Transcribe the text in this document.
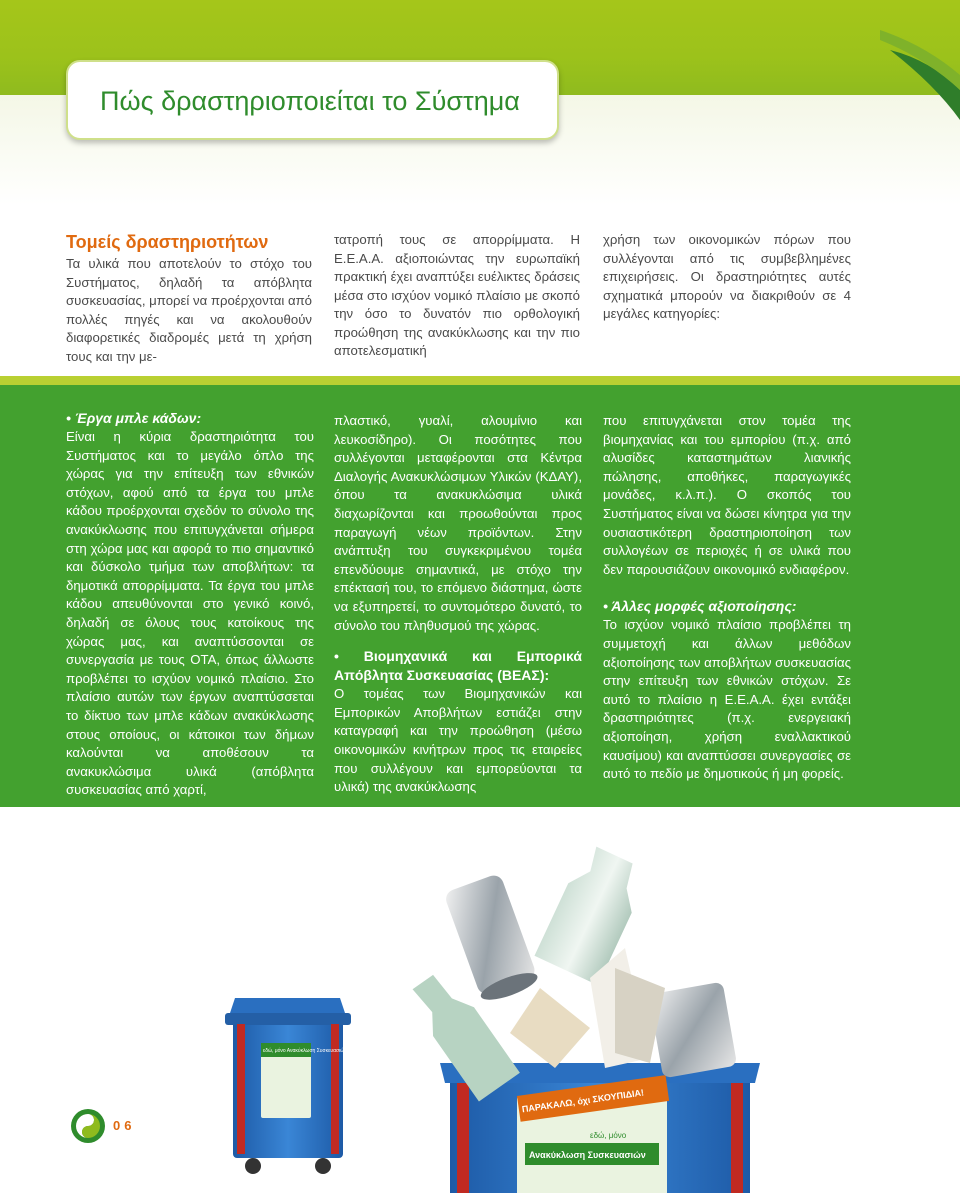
Πώς δραστηριοποιείται το Σύστημα
Τομείς δραστηριοτήτων

Τα υλικά που αποτελούν το στόχο του Συστήματος, δηλαδή τα απόβλητα συσκευασίας, μπορεί να προέρχονται από πολλές πηγές και να ακολουθούν διαφορετικές διαδρομές μετά τη χρήση τους και την με-

τατροπή τους σε απορρίμματα. Η Ε.Ε.Α.Α. αξιοποιώντας την ευρωπαϊκή πρακτική έχει αναπτύξει ευέλικτες δράσεις μέσα στο ισχύον νομικό πλαίσιο με σκοπό την όσο το δυνατόν πιο ορθολογική προώθηση της ανακύκλωσης και την πιο αποτελεσματική

χρήση των οικονομικών πόρων που συλλέγονται από τις συμβεβλημένες επιχειρήσεις. Οι δραστηριότητες αυτές σχηματικά μπορούν να διακριθούν σε 4 μεγάλες κατηγορίες:

• Έργα μπλε κάδων:

Είναι η κύρια δραστηριότητα του Συστήματος και το μεγάλο όπλο της χώρας για την επίτευξη των εθνικών στόχων, αφού από τα έργα του μπλε κάδου προέρχονται σχεδόν το σύνολο της ανακύκλωσης που επιτυγχάνεται σήμερα στη χώρα μας και αφορά το πιο σημαντικό και δύσκολο τμήμα των αποβλήτων: τα δημοτικά απορρίμματα. Τα έργα του μπλε κάδου απευθύνονται στο γενικό κοινό, δηλαδή σε όλους τους κατοίκους της χώρας μας, και αναπτύσσονται σε συνεργασία με τους ΟΤΑ, όπως άλλωστε προβλέπει το ισχύον νομικό πλαίσιο. Στο πλαίσιο αυτών των έργων αναπτύσσεται το δίκτυο των μπλε κάδων ανακύκλωσης στους οποίους, οι κάτοικοι των δήμων καλούνται να αποθέσουν τα ανακυκλώσιμα υλικά (απόβλητα συσκευασίας από χαρτί,

πλαστικό, γυαλί, αλουμίνιο και λευκοσίδηρο). Οι ποσότητες που συλλέγονται μεταφέρονται στα Κέντρα Διαλογής Ανακυκλώσιμων Υλικών (ΚΔΑΥ), όπου τα ανακυκλώσιμα υλικά διαχωρίζονται και προωθούνται προς παραγωγή νέων προϊόντων. Στην ανάπτυξη του συγκεκριμένου τομέα επενδύουμε σημαντικά, με στόχο την επέκτασή του, το επόμενο διάστημα, ώστε να εξυπηρετεί, το συντομότερο δυνατό, το σύνολο του πληθυσμού της χώρας.

• Βιομηχανικά και Εμπορικά Απόβλητα Συσκευασίας (ΒΕΑΣ):

Ο τομέας των Βιομηχανικών και Εμπορικών Αποβλήτων εστιάζει στην καταγραφή και την προώθηση (μέσω οικονομικών κινήτρων προς τις εταιρείες που συλλέγουν και εμπορεύονται τα υλικά) της ανακύκλωσης

που επιτυγχάνεται στον τομέα της βιομηχανίας και του εμπορίου (π.χ. από αλυσίδες καταστημάτων λιανικής πώλησης, αποθήκες, παραγωγικές μονάδες, κ.λ.π.). Ο σκοπός του Συστήματος είναι να δώσει κίνητρα για την ουσιαστικότερη δραστηριοποίηση των συλλογέων σε περιοχές ή σε υλικά που δεν παρουσιάζουν οικονομικό ενδιαφέρον.

• Άλλες μορφές αξιοποίησης:

Το ισχύον νομικό πλαίσιο προβλέπει τη συμμετοχή και άλλων μεθόδων αξιοποίησης των αποβλήτων συσκευασίας στην επίτευξη των εθνικών στόχων. Σε αυτό το πλαίσιο η Ε.Ε.Α.Α. έχει εντάξει δραστηριότητες (π.χ. ενεργειακή αξιοποίηση, χρήση εναλλακτικού καυσίμου) και αναπτύσσει συνεργασίες σε αυτό το πεδίο με δημοτικούς ή μη φορείς.

εδώ, μόνο Ανακύκλωση Συσκευασιών
ΠΑΡΑΚΑΛΩ, όχι ΣΚΟΥΠΙΔΙΑ!
εδώ, μόνο
Ανακύκλωση Συσκευασιών
06
